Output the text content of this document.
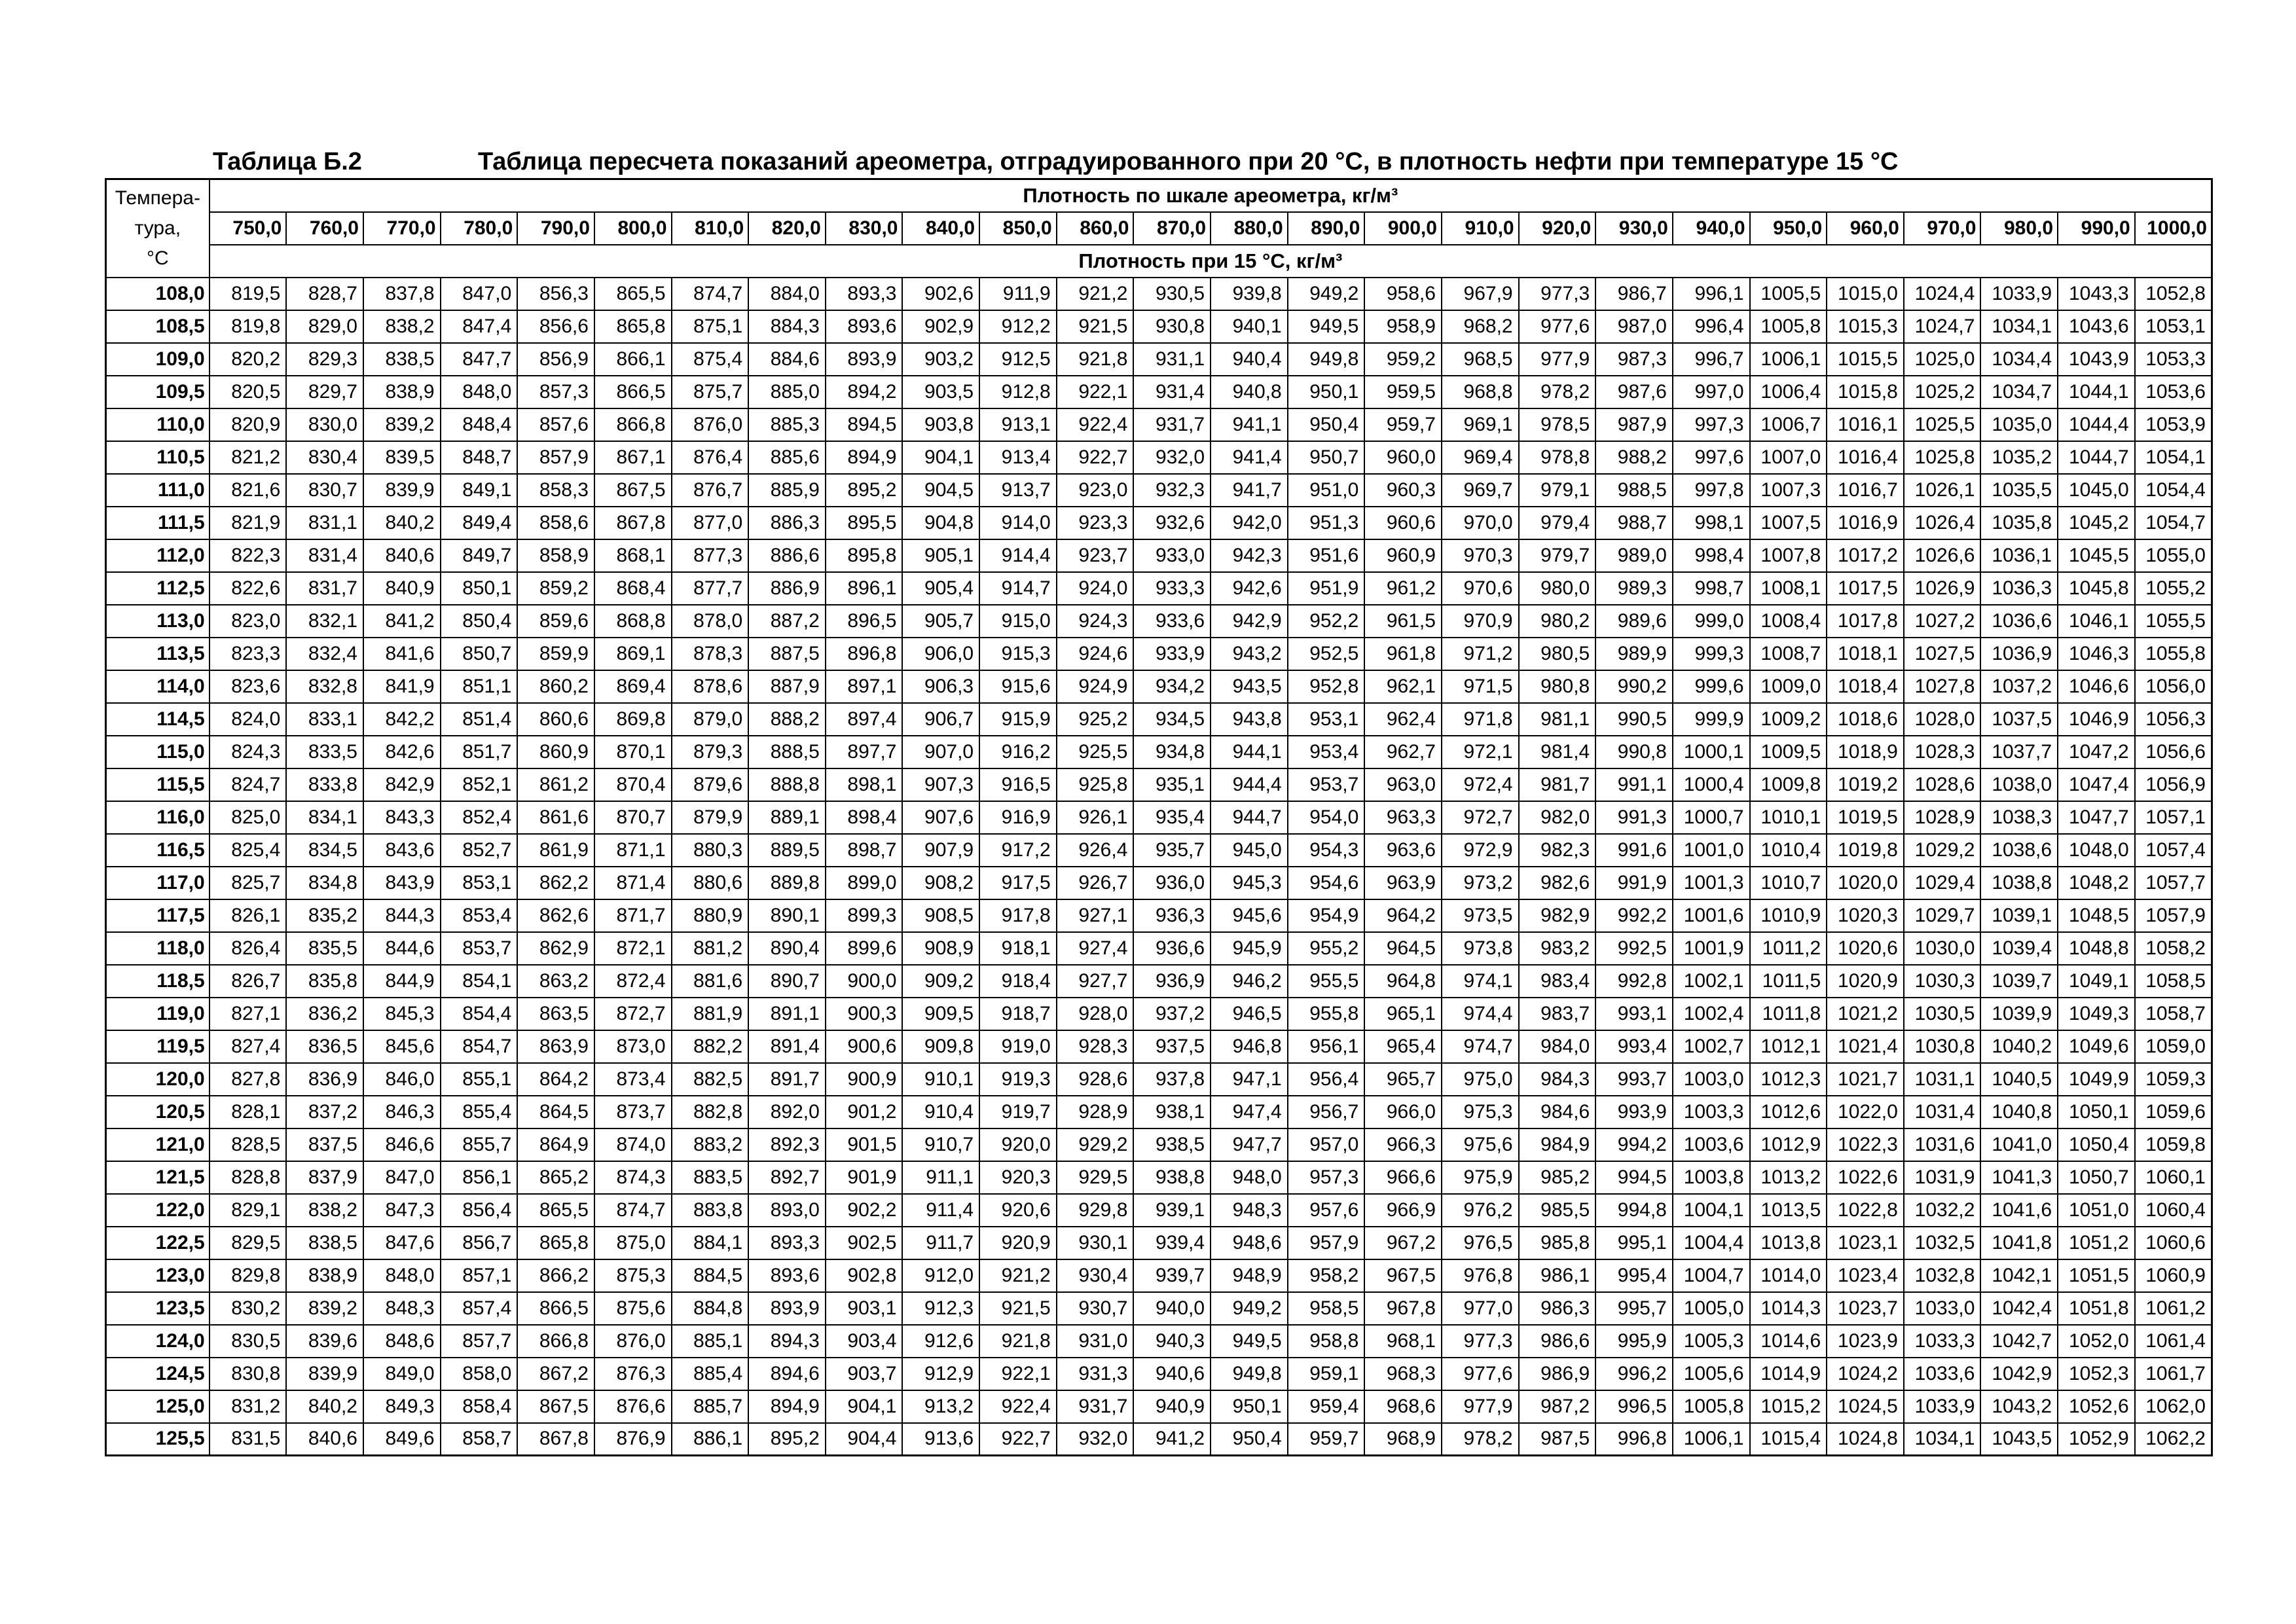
Таблица Б.2	Таблица пересчета показаний ареометра, отградуированного при 20 °С, в плотность нефти при температуре 15 °С
Темпера-
тура,
°С	Плотность по шкале ареометра, кг/м³																									
	750,0	760,0	770,0	780,0	790,0	800,0	810,0	820,0	830,0	840,0	850,0	860,0	870,0	880,0	890,0	900,0	910,0	920,0	930,0	940,0	950,0	960,0	970,0	980,0	990,0	1000,0
	Плотность при 15 °С, кг/м³																									
108,0	819,5	828,7	837,8	847,0	856,3	865,5	874,7	884,0	893,3	902,6	911,9	921,2	930,5	939,8	949,2	958,6	967,9	977,3	986,7	996,1	1005,5	1015,0	1024,4	1033,9	1043,3	1052,8
108,5	819,8	829,0	838,2	847,4	856,6	865,8	875,1	884,3	893,6	902,9	912,2	921,5	930,8	940,1	949,5	958,9	968,2	977,6	987,0	996,4	1005,8	1015,3	1024,7	1034,1	1043,6	1053,1
109,0	820,2	829,3	838,5	847,7	856,9	866,1	875,4	884,6	893,9	903,2	912,5	921,8	931,1	940,4	949,8	959,2	968,5	977,9	987,3	996,7	1006,1	1015,5	1025,0	1034,4	1043,9	1053,3
109,5	820,5	829,7	838,9	848,0	857,3	866,5	875,7	885,0	894,2	903,5	912,8	922,1	931,4	940,8	950,1	959,5	968,8	978,2	987,6	997,0	1006,4	1015,8	1025,2	1034,7	1044,1	1053,6
110,0	820,9	830,0	839,2	848,4	857,6	866,8	876,0	885,3	894,5	903,8	913,1	922,4	931,7	941,1	950,4	959,7	969,1	978,5	987,9	997,3	1006,7	1016,1	1025,5	1035,0	1044,4	1053,9
110,5	821,2	830,4	839,5	848,7	857,9	867,1	876,4	885,6	894,9	904,1	913,4	922,7	932,0	941,4	950,7	960,0	969,4	978,8	988,2	997,6	1007,0	1016,4	1025,8	1035,2	1044,7	1054,1
111,0	821,6	830,7	839,9	849,1	858,3	867,5	876,7	885,9	895,2	904,5	913,7	923,0	932,3	941,7	951,0	960,3	969,7	979,1	988,5	997,8	1007,3	1016,7	1026,1	1035,5	1045,0	1054,4
111,5	821,9	831,1	840,2	849,4	858,6	867,8	877,0	886,3	895,5	904,8	914,0	923,3	932,6	942,0	951,3	960,6	970,0	979,4	988,7	998,1	1007,5	1016,9	1026,4	1035,8	1045,2	1054,7
112,0	822,3	831,4	840,6	849,7	858,9	868,1	877,3	886,6	895,8	905,1	914,4	923,7	933,0	942,3	951,6	960,9	970,3	979,7	989,0	998,4	1007,8	1017,2	1026,6	1036,1	1045,5	1055,0
112,5	822,6	831,7	840,9	850,1	859,2	868,4	877,7	886,9	896,1	905,4	914,7	924,0	933,3	942,6	951,9	961,2	970,6	980,0	989,3	998,7	1008,1	1017,5	1026,9	1036,3	1045,8	1055,2
113,0	823,0	832,1	841,2	850,4	859,6	868,8	878,0	887,2	896,5	905,7	915,0	924,3	933,6	942,9	952,2	961,5	970,9	980,2	989,6	999,0	1008,4	1017,8	1027,2	1036,6	1046,1	1055,5
113,5	823,3	832,4	841,6	850,7	859,9	869,1	878,3	887,5	896,8	906,0	915,3	924,6	933,9	943,2	952,5	961,8	971,2	980,5	989,9	999,3	1008,7	1018,1	1027,5	1036,9	1046,3	1055,8
114,0	823,6	832,8	841,9	851,1	860,2	869,4	878,6	887,9	897,1	906,3	915,6	924,9	934,2	943,5	952,8	962,1	971,5	980,8	990,2	999,6	1009,0	1018,4	1027,8	1037,2	1046,6	1056,0
114,5	824,0	833,1	842,2	851,4	860,6	869,8	879,0	888,2	897,4	906,7	915,9	925,2	934,5	943,8	953,1	962,4	971,8	981,1	990,5	999,9	1009,2	1018,6	1028,0	1037,5	1046,9	1056,3
115,0	824,3	833,5	842,6	851,7	860,9	870,1	879,3	888,5	897,7	907,0	916,2	925,5	934,8	944,1	953,4	962,7	972,1	981,4	990,8	1000,1	1009,5	1018,9	1028,3	1037,7	1047,2	1056,6
115,5	824,7	833,8	842,9	852,1	861,2	870,4	879,6	888,8	898,1	907,3	916,5	925,8	935,1	944,4	953,7	963,0	972,4	981,7	991,1	1000,4	1009,8	1019,2	1028,6	1038,0	1047,4	1056,9
116,0	825,0	834,1	843,3	852,4	861,6	870,7	879,9	889,1	898,4	907,6	916,9	926,1	935,4	944,7	954,0	963,3	972,7	982,0	991,3	1000,7	1010,1	1019,5	1028,9	1038,3	1047,7	1057,1
116,5	825,4	834,5	843,6	852,7	861,9	871,1	880,3	889,5	898,7	907,9	917,2	926,4	935,7	945,0	954,3	963,6	972,9	982,3	991,6	1001,0	1010,4	1019,8	1029,2	1038,6	1048,0	1057,4
117,0	825,7	834,8	843,9	853,1	862,2	871,4	880,6	889,8	899,0	908,2	917,5	926,7	936,0	945,3	954,6	963,9	973,2	982,6	991,9	1001,3	1010,7	1020,0	1029,4	1038,8	1048,2	1057,7
117,5	826,1	835,2	844,3	853,4	862,6	871,7	880,9	890,1	899,3	908,5	917,8	927,1	936,3	945,6	954,9	964,2	973,5	982,9	992,2	1001,6	1010,9	1020,3	1029,7	1039,1	1048,5	1057,9
118,0	826,4	835,5	844,6	853,7	862,9	872,1	881,2	890,4	899,6	908,9	918,1	927,4	936,6	945,9	955,2	964,5	973,8	983,2	992,5	1001,9	1011,2	1020,6	1030,0	1039,4	1048,8	1058,2
118,5	826,7	835,8	844,9	854,1	863,2	872,4	881,6	890,7	900,0	909,2	918,4	927,7	936,9	946,2	955,5	964,8	974,1	983,4	992,8	1002,1	1011,5	1020,9	1030,3	1039,7	1049,1	1058,5
119,0	827,1	836,2	845,3	854,4	863,5	872,7	881,9	891,1	900,3	909,5	918,7	928,0	937,2	946,5	955,8	965,1	974,4	983,7	993,1	1002,4	1011,8	1021,2	1030,5	1039,9	1049,3	1058,7
119,5	827,4	836,5	845,6	854,7	863,9	873,0	882,2	891,4	900,6	909,8	919,0	928,3	937,5	946,8	956,1	965,4	974,7	984,0	993,4	1002,7	1012,1	1021,4	1030,8	1040,2	1049,6	1059,0
120,0	827,8	836,9	846,0	855,1	864,2	873,4	882,5	891,7	900,9	910,1	919,3	928,6	937,8	947,1	956,4	965,7	975,0	984,3	993,7	1003,0	1012,3	1021,7	1031,1	1040,5	1049,9	1059,3
120,5	828,1	837,2	846,3	855,4	864,5	873,7	882,8	892,0	901,2	910,4	919,7	928,9	938,1	947,4	956,7	966,0	975,3	984,6	993,9	1003,3	1012,6	1022,0	1031,4	1040,8	1050,1	1059,6
121,0	828,5	837,5	846,6	855,7	864,9	874,0	883,2	892,3	901,5	910,7	920,0	929,2	938,5	947,7	957,0	966,3	975,6	984,9	994,2	1003,6	1012,9	1022,3	1031,6	1041,0	1050,4	1059,8
121,5	828,8	837,9	847,0	856,1	865,2	874,3	883,5	892,7	901,9	911,1	920,3	929,5	938,8	948,0	957,3	966,6	975,9	985,2	994,5	1003,8	1013,2	1022,6	1031,9	1041,3	1050,7	1060,1
122,0	829,1	838,2	847,3	856,4	865,5	874,7	883,8	893,0	902,2	911,4	920,6	929,8	939,1	948,3	957,6	966,9	976,2	985,5	994,8	1004,1	1013,5	1022,8	1032,2	1041,6	1051,0	1060,4
122,5	829,5	838,5	847,6	856,7	865,8	875,0	884,1	893,3	902,5	911,7	920,9	930,1	939,4	948,6	957,9	967,2	976,5	985,8	995,1	1004,4	1013,8	1023,1	1032,5	1041,8	1051,2	1060,6
123,0	829,8	838,9	848,0	857,1	866,2	875,3	884,5	893,6	902,8	912,0	921,2	930,4	939,7	948,9	958,2	967,5	976,8	986,1	995,4	1004,7	1014,0	1023,4	1032,8	1042,1	1051,5	1060,9
123,5	830,2	839,2	848,3	857,4	866,5	875,6	884,8	893,9	903,1	912,3	921,5	930,7	940,0	949,2	958,5	967,8	977,0	986,3	995,7	1005,0	1014,3	1023,7	1033,0	1042,4	1051,8	1061,2
124,0	830,5	839,6	848,6	857,7	866,8	876,0	885,1	894,3	903,4	912,6	921,8	931,0	940,3	949,5	958,8	968,1	977,3	986,6	995,9	1005,3	1014,6	1023,9	1033,3	1042,7	1052,0	1061,4
124,5	830,8	839,9	849,0	858,0	867,2	876,3	885,4	894,6	903,7	912,9	922,1	931,3	940,6	949,8	959,1	968,3	977,6	986,9	996,2	1005,6	1014,9	1024,2	1033,6	1042,9	1052,3	1061,7
125,0	831,2	840,2	849,3	858,4	867,5	876,6	885,7	894,9	904,1	913,2	922,4	931,7	940,9	950,1	959,4	968,6	977,9	987,2	996,5	1005,8	1015,2	1024,5	1033,9	1043,2	1052,6	1062,0
125,5	831,5	840,6	849,6	858,7	867,8	876,9	886,1	895,2	904,4	913,6	922,7	932,0	941,2	950,4	959,7	968,9	978,2	987,5	996,8	1006,1	1015,4	1024,8	1034,1	1043,5	1052,9	1062,2
